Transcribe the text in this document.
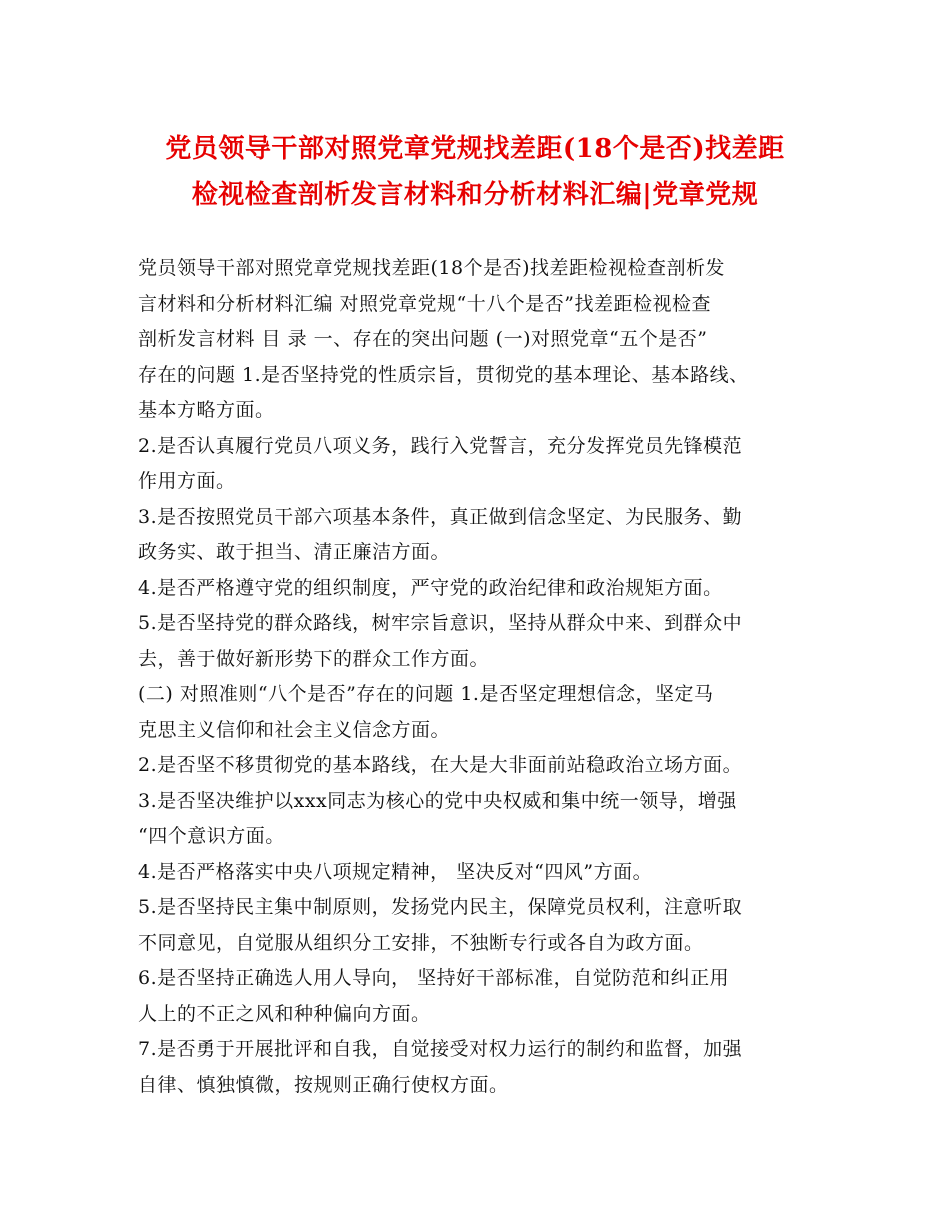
党员领导干部对照党章党规找差距(18个是否)找差距
检视检查剖析发言材料和分析材料汇编|党章党规
党员领导干部对照党章党规找差距(18个是否)找差距检视检查剖析发
言材料和分析材料汇编 对照党章党规“十八个是否”找差距检视检查
剖析发言材料 目 录 一、存在的突出问题 (一)对照党章“五个是否”
存在的问题 1.是否坚持党的性质宗旨，贯彻党的基本理论、基本路线、
基本方略方面。
2.是否认真履行党员八项义务，践行入党誓言，充分发挥党员先锋模范
作用方面。
3.是否按照党员干部六项基本条件，真正做到信念坚定、为民服务、勤
政务实、敢于担当、清正廉洁方面。
4.是否严格遵守党的组织制度，严守党的政治纪律和政治规矩方面。
5.是否坚持党的群众路线，树牢宗旨意识，坚持从群众中来、到群众中
去，善于做好新形势下的群众工作方面。
(二) 对照准则“八个是否”存在的问题 1.是否坚定理想信念，坚定马
克思主义信仰和社会主义信念方面。
2.是否坚不移贯彻党的基本路线，在大是大非面前站稳政治立场方面。
3.是否坚决维护以xxx同志为核心的党中央权威和集中统一领导，增强
“四个意识方面。
4.是否严格落实中央八项规定精神， 坚决反对“四风”方面。
5.是否坚持民主集中制原则，发扬党内民主，保障党员权利，注意听取
不同意见，自觉服从组织分工安排，不独断专行或各自为政方面。
6.是否坚持正确选人用人导向， 坚持好干部标准，自觉防范和纠正用
人上的不正之风和种种偏向方面。
7.是否勇于开展批评和自我，自觉接受对权力运行的制约和监督，加强
自律、慎独慎微，按规则正确行使权方面。
